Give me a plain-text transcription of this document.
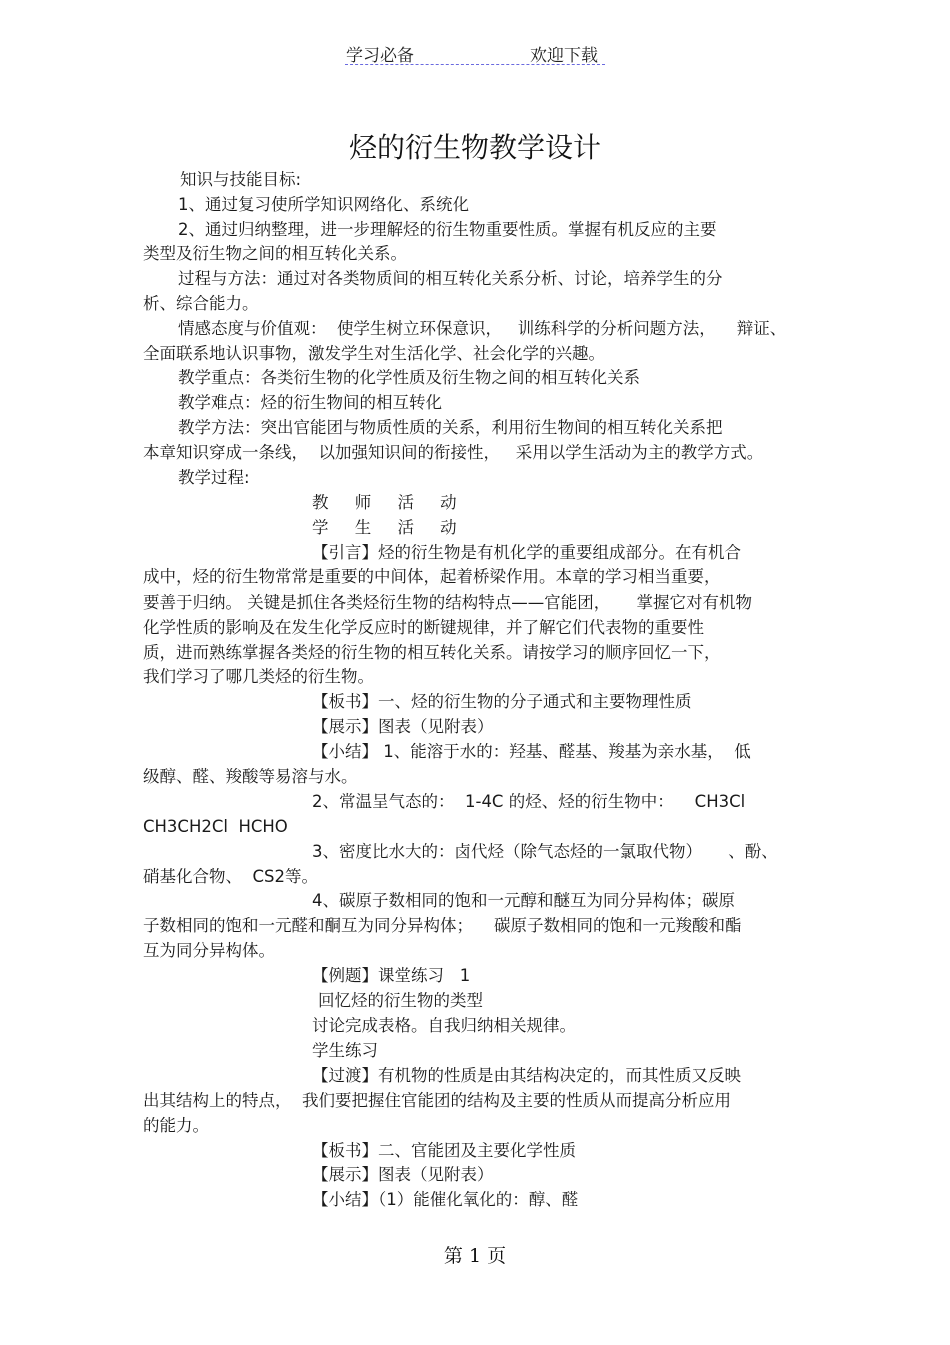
学习必备	欢迎下载
烃的衍生物教学设计
知识与技能目标:
1、通过复习使所学知识网络化、系统化
2、通过归纳整理，进一步理解烃的衍生物重要性质。掌握有机反应的主要
类型及衍生物之间的相互转化关系。
过程与方法：通过对各类物质间的相互转化关系分析、讨论，培养学生的分
析、综合能力。
情感态度与价值观：  使学生树立环保意识，   训练科学的分析问题方法，    辩证、
全面联系地认识事物，激发学生对生活化学、社会化学的兴趣。
教学重点：各类衍生物的化学性质及衍生物之间的相互转化关系
教学难点：烃的衍生物间的相互转化
教学方法：突出官能团与物质性质的关系，利用衍生物间的相互转化关系把
本章知识穿成一条线，  以加强知识间的衔接性，   采用以学生活动为主的教学方式。
教学过程:
教     师     活     动
学     生     活     动
【引言】烃的衍生物是有机化学的重要组成部分。在有机合
成中，烃的衍生物常常是重要的中间体，起着桥梁作用。本章的学习相当重要，
要善于归纳。 关键是抓住各类烃衍生物的结构特点——官能团，     掌握它对有机物
化学性质的影响及在发生化学反应时的断键规律，并了解它们代表物的重要性
质，进而熟练掌握各类烃的衍生物的相互转化关系。请按学习的顺序回忆一下，
我们学习了哪几类烃的衍生物。
【板书】一、烃的衍生物的分子通式和主要物理性质
【展示】图表（见附表）
【小结】 1、能溶于水的：羟基、醛基、羧基为亲水基，  低
级醇、醛、羧酸等易溶与水。
2、常温呈气态的：  1-4C 的烃、烃的衍生物中：    CH3Cl
CH3CH2Cl  HCHO
3、密度比水大的：卤代烃（除气态烃的一氯取代物）     、酚、
硝基化合物、  CS2等。
4、碳原子数相同的饱和一元醇和醚互为同分异构体；碳原
子数相同的饱和一元醛和酮互为同分异构体；    碳原子数相同的饱和一元羧酸和酯
互为同分异构体。
【例题】课堂练习   1
回忆烃的衍生物的类型
讨论完成表格。自我归纳相关规律。
学生练习
【过渡】有机物的性质是由其结构决定的，而其性质又反映
出其结构上的特点，  我们要把握住官能团的结构及主要的性质从而提高分析应用
的能力。
【板书】二、官能团及主要化学性质
【展示】图表（见附表）
【小结】（1）能催化氧化的：醇、醛
第 1 页
